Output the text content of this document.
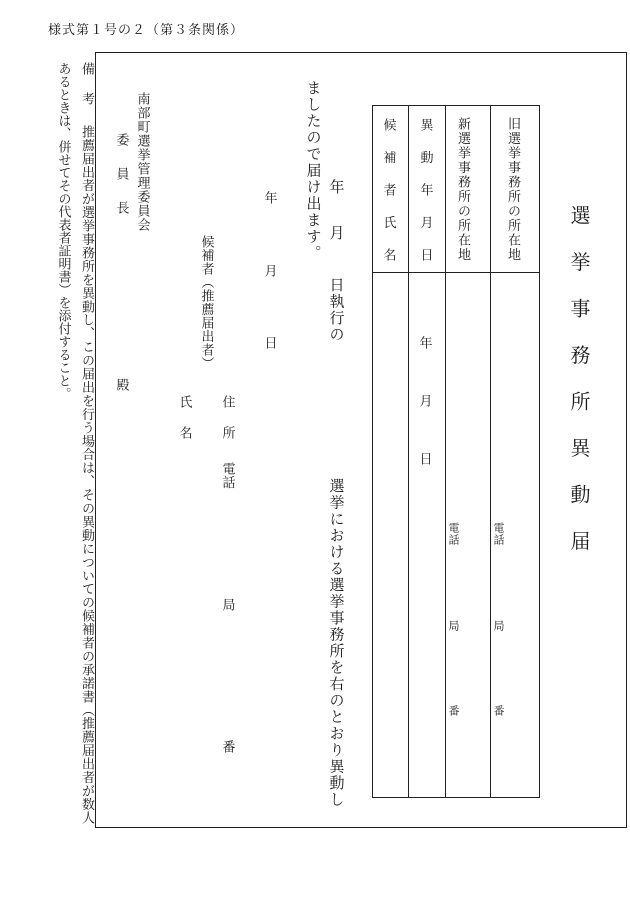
様式第１号の２（第３条関係）
選挙事務所異動届
旧選挙事務所の所在地
新選挙事務所の所在地
異動年月日
候補者氏名
電話
局
番
電話
局
番
年
月
日
年
月
日執行の
選挙における選挙事務所を右のとおり異動し
ましたので届け出ます。
年
月
日
住所
電話
局
番
候補者（推薦届出者）
氏名
南部町選挙管理委員会
委員長
殿
備考
推薦届出者が選挙事務所を異動し、この届出を行う場合は、その異動についての候補者の承諾書（推薦届出者が数人
あるときは、併せてその代表者証明書）を添付すること。
